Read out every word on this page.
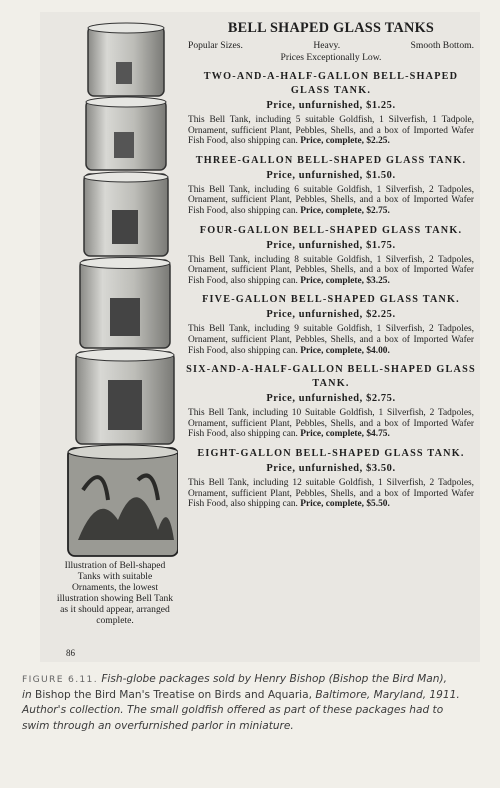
Illustration of Bell-shaped Tanks with suitable Ornaments, the lowest illustration showing Bell Tank as it should appear, arranged complete.
86
BELL SHAPED GLASS TANKS
Popular Sizes.	Heavy.	Smooth Bottom.
Prices Exceptionally Low.
TWO-AND-A-HALF-GALLON BELL-SHAPED GLASS TANK.
Price, unfurnished, $1.25.
This Bell Tank, including 5 suitable Goldfish, 1 Silverfish, 1 Tadpole, Ornament, sufficient Plant, Pebbles, Shells, and a box of Imported Wafer Fish Food, also shipping can. Price, complete, $2.25.
THREE-GALLON BELL-SHAPED GLASS TANK.
Price, unfurnished, $1.50.
This Bell Tank, including 6 suitable Goldfish, 1 Silverfish, 2 Tadpoles, Ornament, sufficient Plant, Pebbles, Shells, and a box of Imported Wafer Fish Food, also shipping can. Price, complete, $2.75.
FOUR-GALLON BELL-SHAPED GLASS TANK.
Price, unfurnished, $1.75.
This Bell Tank, including 8 suitable Goldfish, 1 Silverfish, 2 Tadpoles, Ornament, sufficient Plant, Pebbles, Shells, and a box of Imported Wafer Fish Food, also shipping can. Price, complete, $3.25.
FIVE-GALLON BELL-SHAPED GLASS TANK.
Price, unfurnished, $2.25.
This Bell Tank, including 9 suitable Goldfish, 1 Silverfish, 2 Tadpoles, Ornament, sufficient Plant, Pebbles, Shells, and a box of Imported Wafer Fish Food, also shipping can. Price, complete, $4.00.
SIX-AND-A-HALF-GALLON BELL-SHAPED GLASS TANK.
Price, unfurnished, $2.75.
This Bell Tank, including 10 Suitable Goldfish, 1 Silverfish, 2 Tadpoles, Ornament, sufficient Plant, Pebbles, Shells, and a box of Imported Wafer Fish Food, also shipping can. Price, complete, $4.75.
EIGHT-GALLON BELL-SHAPED GLASS TANK.
Price, unfurnished, $3.50.
This Bell Tank, including 12 suitable Goldfish, 1 Silverfish, 2 Tadpoles, Ornament, sufficient Plant, Pebbles, Shells, and a box of Imported Wafer Fish Food, also shipping can. Price, complete, $5.50.
FIGURE 6.11. Fish-globe packages sold by Henry Bishop (Bishop the Bird Man),
in Bishop the Bird Man's Treatise on Birds and Aquaria, Baltimore, Maryland, 1911.
Author's collection. The small goldfish offered as part of these packages had to
swim through an overfurnished parlor in miniature.
